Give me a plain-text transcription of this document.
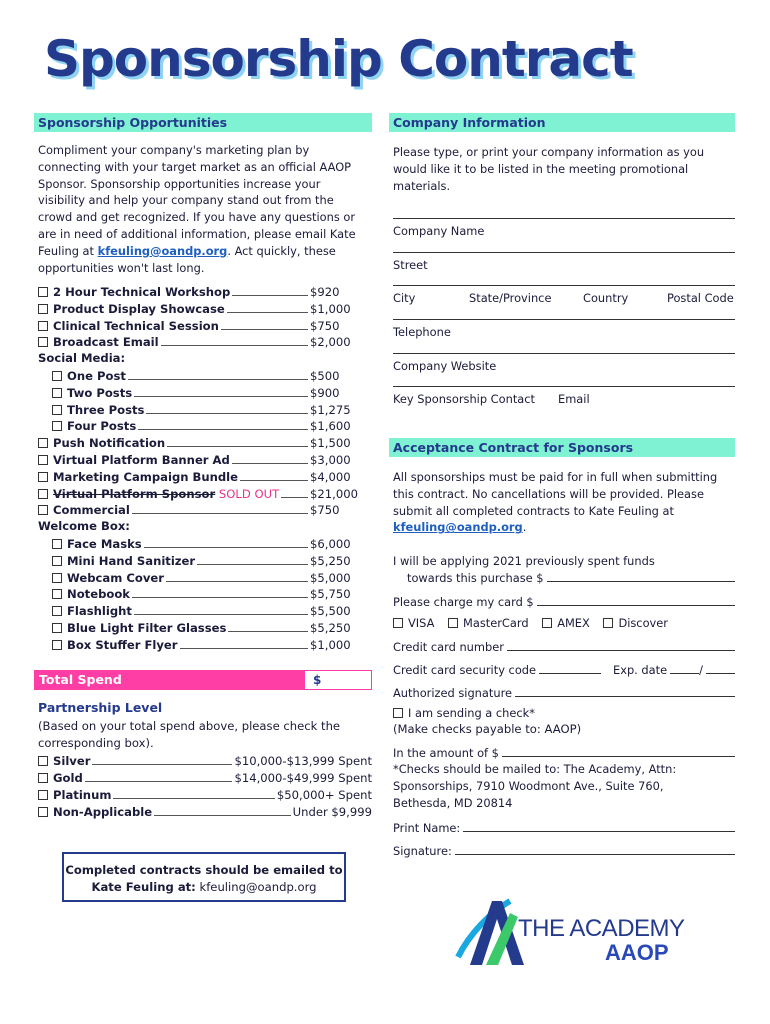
Sponsorship Contract
Sponsorship Opportunities
Compliment your company's marketing plan by connecting with your target market as an official AAOP Sponsor. Sponsorship opportunities increase your visibility and help your company stand out from the crowd and get recognized. If you have any questions or are in need of additional information, please email Kate Feuling at kfeuling@oandp.org. Act quickly, these opportunities won't last long.
Total Spend	$
Partnership Level
(Based on your total spend above, please check the corresponding box).
Completed contracts should be emailed to
Kate Feuling at: kfeuling@oandp.org
Company Information
Please type, or print your company information as you would like it to be listed in the meeting promotional materials.
Company Name
Street
City	State/Province	Country	Postal Code
Telephone
Company Website
Key Sponsorship Contact Email
Acceptance Contract for Sponsors
All sponsorships must be paid for in full when submitting this contract. No cancellations will be provided. Please submit all completed contracts to Kate Feuling at kfeuling@oandp.org.
I will be applying 2021 previously spent funds
towards this purchase $
Please charge my card $
VISA	MasterCard	AMEX	Discover
Credit card number
Credit card security code	Exp. date	/
Authorized signature
I am sending a check*
(Make checks payable to: AAOP)
In the amount of $
*Checks should be mailed to: The Academy, Attn: Sponsorships, 7910 Woodmont Ave., Suite 760, Bethesda, MD 20814
Print Name:
Signature:
THE ACADEMY
AAOP
2 Hour Technical Workshop	$920
Product Display Showcase	$1,000
Clinical Technical Session	$750
Broadcast Email	$2,000
Social Media:
One Post	$500
Two Posts	$900
Three Posts	$1,275
Four Posts	$1,600
Push Notification	$1,500
Virtual Platform Banner Ad	$3,000
Marketing Campaign Bundle	$4,000
Virtual Platform Sponsor SOLD OUT	$21,000
Commercial	$750
Welcome Box:
Face Masks	$6,000
Mini Hand Sanitizer	$5,250
Webcam Cover	$5,000
Notebook	$5,750
Flashlight	$5,500
Blue Light Filter Glasses	$5,250
Box Stuffer Flyer	$1,000
Silver	$10,000-$13,999 Spent
Gold	$14,000-$49,999 Spent
Platinum	$50,000+ Spent
Non-Applicable	Under $9,999
